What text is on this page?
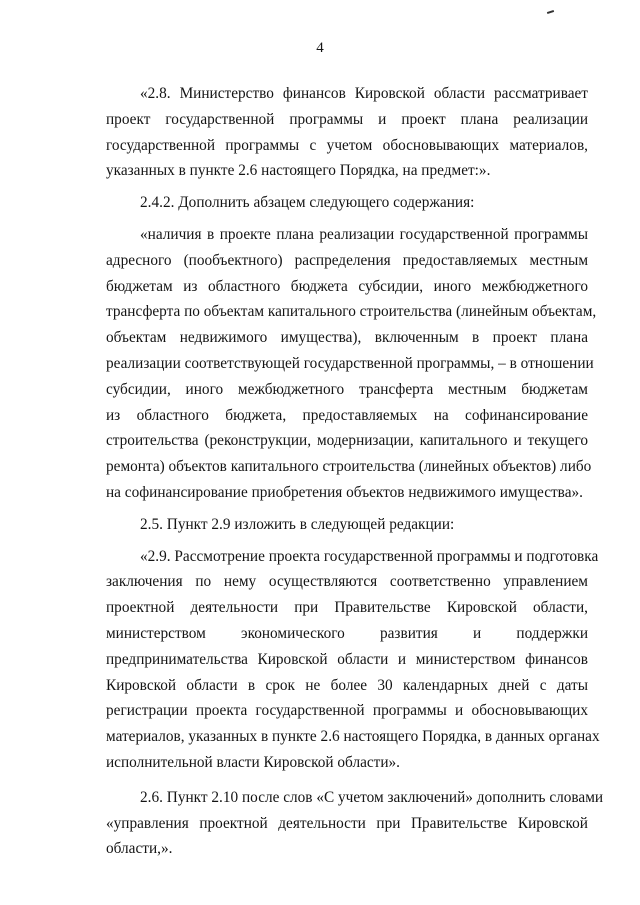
4
«2.8. Министерство финансов Кировской области рассматривает
проект государственной программы и проект плана реализации
государственной программы с учетом обосновывающих материалов,
указанных в пункте 2.6 настоящего Порядка, на предмет:».
2.4.2. Дополнить абзацем следующего содержания:
«наличия в проекте плана реализации государственной программы
адресного (пообъектного) распределения предоставляемых местным
бюджетам из областного бюджета субсидии, иного межбюджетного
трансферта по объектам капитального строительства (линейным объектам,
объектам недвижимого имущества), включенным в проект плана
реализации соответствующей государственной программы, – в отношении
субсидии, иного межбюджетного трансферта местным бюджетам
из областного бюджета, предоставляемых на софинансирование
строительства (реконструкции, модернизации, капитального и текущего
ремонта) объектов капитального строительства (линейных объектов) либо
на софинансирование приобретения объектов недвижимого имущества».
2.5. Пункт 2.9 изложить в следующей редакции:
«2.9. Рассмотрение проекта государственной программы и подготовка
заключения по нему осуществляются соответственно управлением
проектной деятельности при Правительстве Кировской области,
министерством экономического развития и поддержки
предпринимательства Кировской области и министерством финансов
Кировской области в срок не более 30 календарных дней с даты
регистрации проекта государственной программы и обосновывающих
материалов, указанных в пункте 2.6 настоящего Порядка, в данных органах
исполнительной власти Кировской области».
2.6. Пункт 2.10 после слов «С учетом заключений» дополнить словами
«управления проектной деятельности при Правительстве Кировской
области,».
